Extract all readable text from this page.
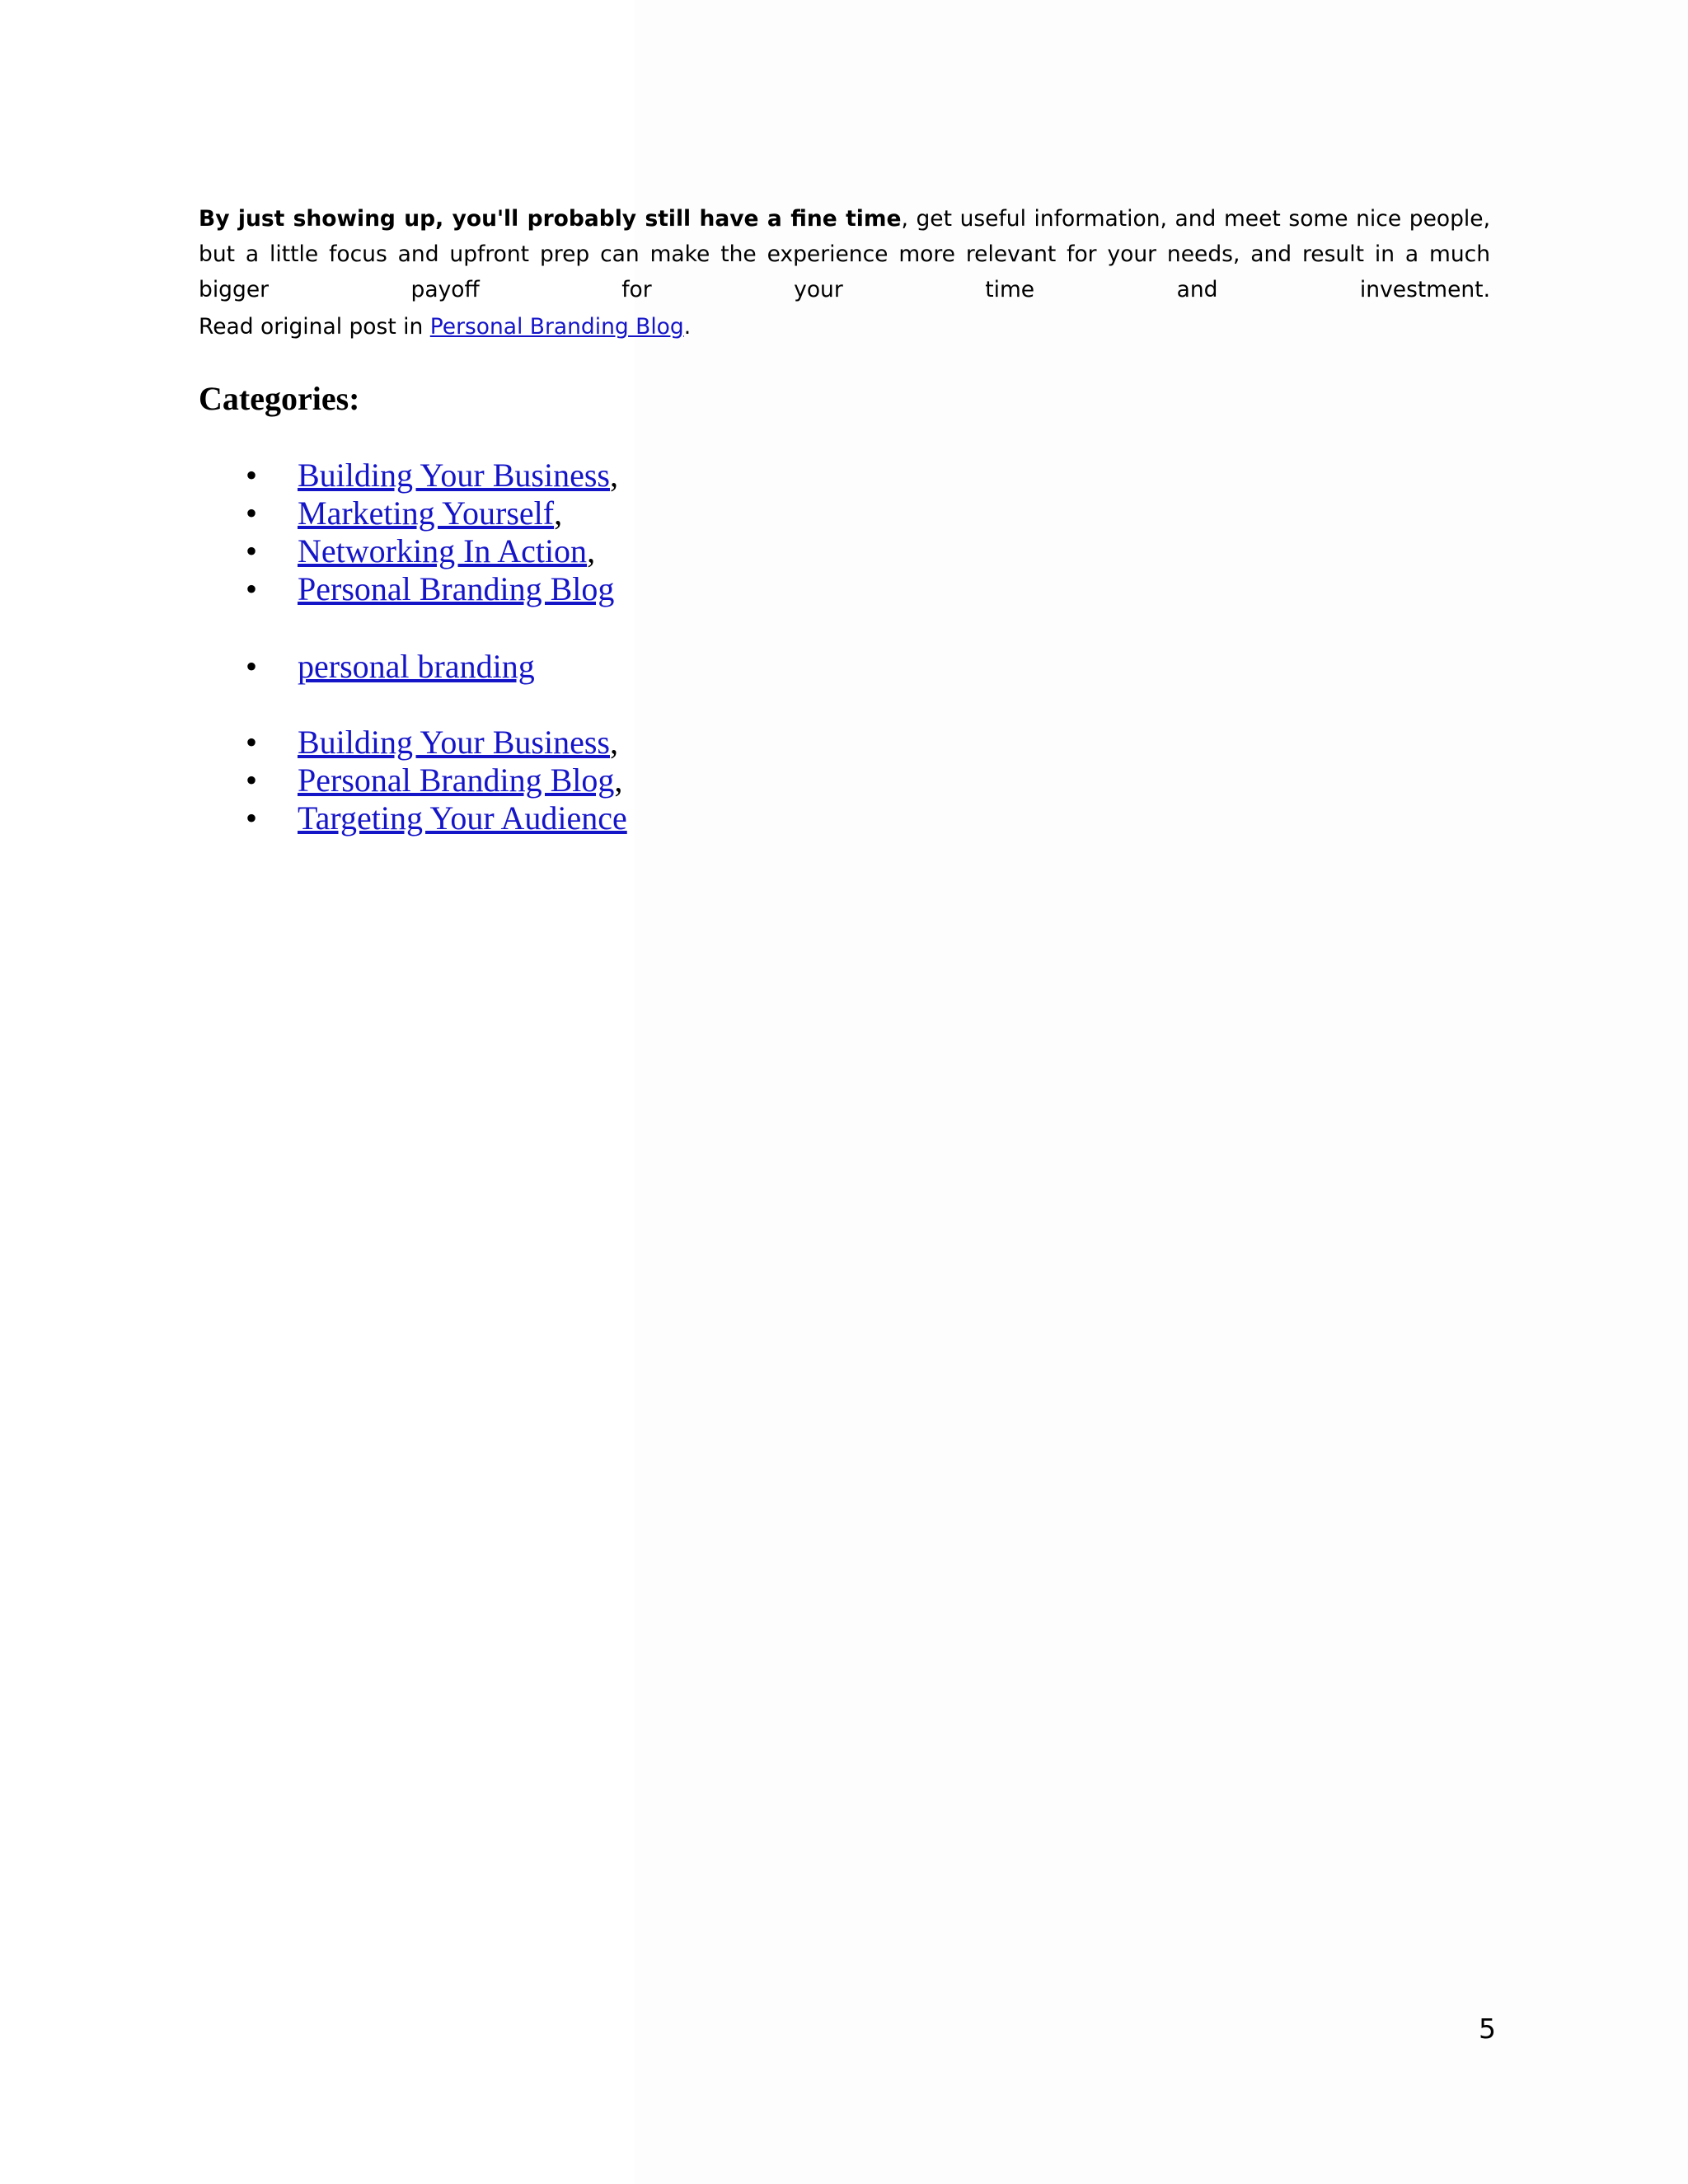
By just showing up, you'll probably still have a fine time, get useful information, and meet some nice people, but a little focus and upfront prep can make the experience more relevant for your needs, and result in a much bigger payoff for your time and investment.

Read original post in Personal Branding Blog.

Categories:
• Building Your Business,
• Marketing Yourself,
• Networking In Action,
• Personal Branding Blog
• personal branding
• Building Your Business,
• Personal Branding Blog,
• Targeting Your Audience
5
